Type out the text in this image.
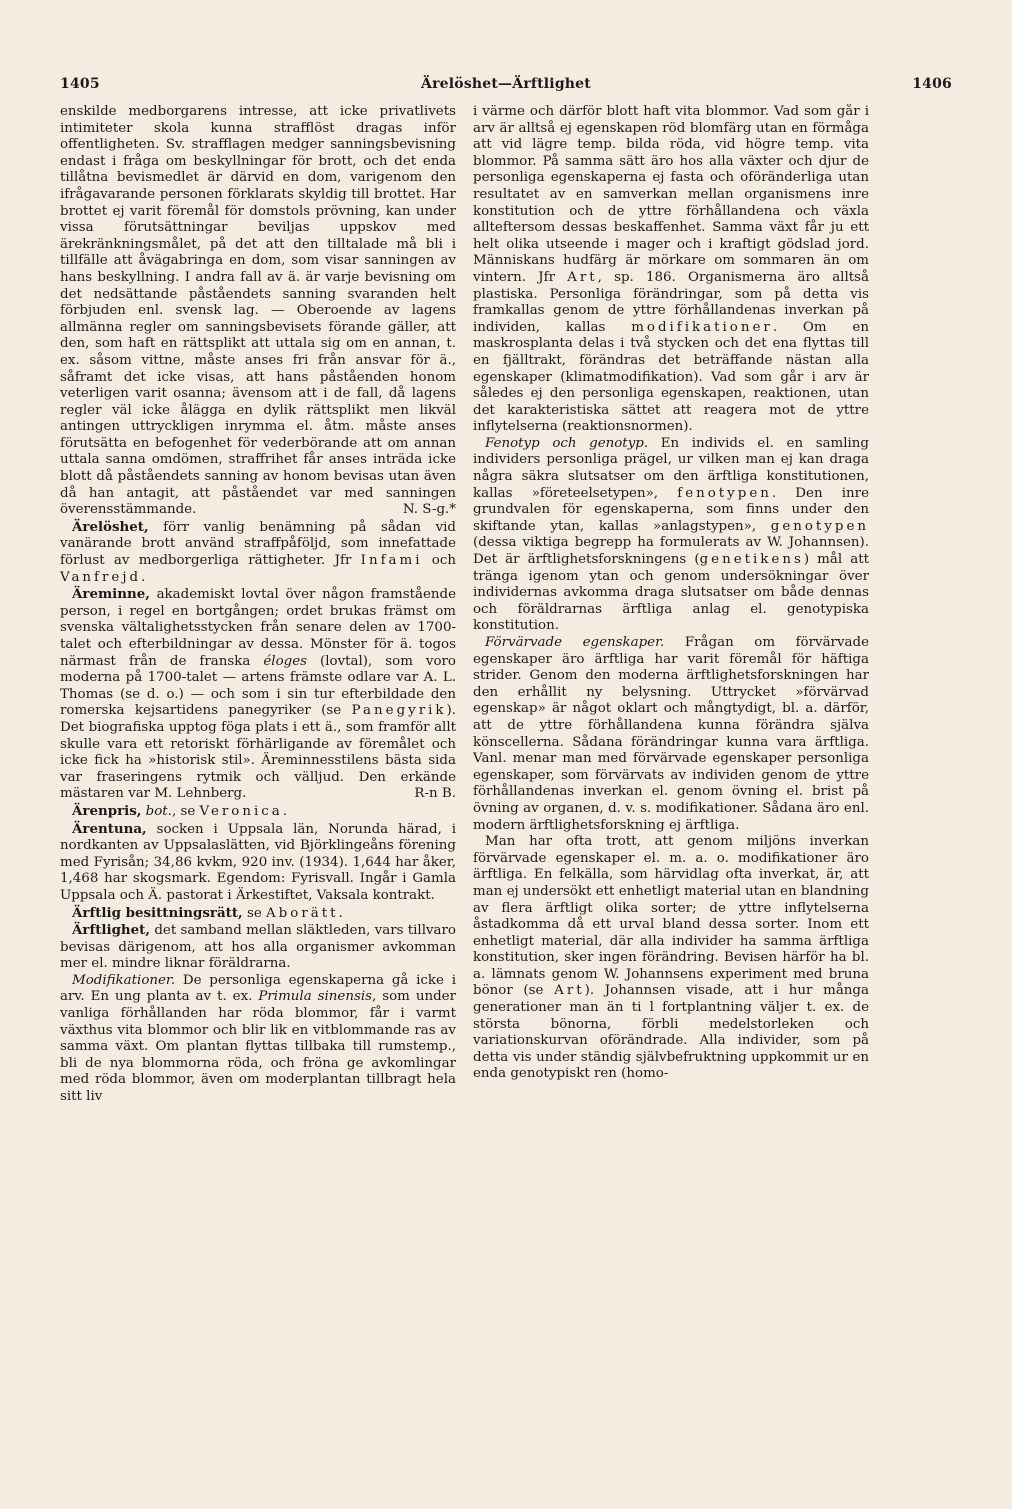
1405	Ärelöshet—Ärftlighet	1406

enskilde medborgarens intresse, att icke privatlivets intimiteter skola kunna strafflöst dragas inför offentligheten. Sv. strafflagen medger sanningsbevisning endast i fråga om beskyllningar för brott, och det enda tillåtna bevismedlet är därvid en dom, varigenom den ifrågavarande personen förklarats skyldig till brottet. Har brottet ej varit föremål för domstols prövning, kan under vissa förutsättningar beviljas uppskov med ärekränkningsmålet, på det att den tilltalade må bli i tillfälle att åvägabringa en dom, som visar sanningen av hans beskyllning. I andra fall av ä. är varje bevisning om det nedsättande påståendets sanning svaranden helt förbjuden enl. svensk lag. — Oberoende av lagens allmänna regler om sanningsbevisets förande gäller, att den, som haft en rättsplikt att uttala sig om en annan, t. ex. såsom vittne, måste anses fri från ansvar för ä., såframt det icke visas, att hans påståenden honom veterligen varit osanna; ävensom att i de fall, då lagens regler väl icke ålägga en dylik rättsplikt men likväl antingen uttryckligen inrymma el. åtm. måste anses förutsätta en befogenhet för vederbörande att om annan uttala sanna omdömen, straffrihet får anses inträda icke blott då påståendets sanning av honom bevisas utan även då han antagit, att påståendet var med sanningen överensstämmande.	N. S-g.*

Ärelöshet, förr vanlig benämning på sådan vid vanärande brott använd straffpåföljd, som innefattade förlust av medborgerliga rättigheter. Jfr Infami och Vanfrejd.

Äreminne, akademiskt lovtal över någon framstående person, i regel en bortgången; ordet brukas främst om svenska vältalighetsstycken från senare delen av 1700-talet och efterbildningar av dessa. Mönster för ä. togos närmast från de franska éloges (lovtal), som voro moderna på 1700-talet — artens främste odlare var A. L. Thomas (se d. o.) — och som i sin tur efterbildade den romerska kejsartidens panegyriker (se Panegyrik). Det biografiska upptog föga plats i ett ä., som framför allt skulle vara ett retoriskt förhärligande av föremålet och icke fick ha »historisk stil». Äreminnesstilens bästa sida var fraseringens rytmik och välljud. Den erkände mästaren var M. Lehnberg.	R-n B.

Ärenpris, bot., se Veronica.

Ärentuna, socken i Uppsala län, Norunda härad, i nordkanten av Uppsalaslätten, vid Björklingeåns förening med Fyrisån; 34,86 kvkm, 920 inv. (1934). 1,644 har åker, 1,468 har skogsmark. Egendom: Fyrisvall. Ingår i Gamla Uppsala och Ä. pastorat i Ärkestiftet, Vaksala kontrakt.

Ärftlig besittningsrätt, se Aborätt.

Ärftlighet, det samband mellan släktleden, vars tillvaro bevisas därigenom, att hos alla organismer avkomman mer el. mindre liknar föräldrarna.

Modifikationer. De personliga egenskaperna gå icke i arv. En ung planta av t. ex. Primula sinensis, som under vanliga förhållanden har röda blommor, får i varmt växthus vita blommor och blir lik en vitblommande ras av samma växt. Om plantan flyttas tillbaka till rumstemp., bli de nya blommorna röda, och fröna ge avkomlingar med röda blommor, även om moderplantan tillbragt hela sitt liv

i värme och därför blott haft vita blommor. Vad som går i arv är alltså ej egenskapen röd blomfärg utan en förmåga att vid lägre temp. bilda röda, vid högre temp. vita blommor. På samma sätt äro hos alla växter och djur de personliga egenskaperna ej fasta och oföränderliga utan resultatet av en samverkan mellan organismens inre konstitution och de yttre förhållandena och växla allteftersom dessas beskaffenhet. Samma växt får ju ett helt olika utseende i mager och i kraftigt gödslad jord. Människans hudfärg är mörkare om sommaren än om vintern. Jfr Art, sp. 186. Organismerna äro alltså plastiska. Personliga förändringar, som på detta vis framkallas genom de yttre förhållandenas inverkan på individen, kallas modifikationer. Om en maskrosplanta delas i två stycken och det ena flyttas till en fjälltrakt, förändras det beträffande nästan alla egenskaper (klimatmodifikation). Vad som går i arv är således ej den personliga egenskapen, reaktionen, utan det karakteristiska sättet att reagera mot de yttre inflytelserna (reaktionsnormen).

Fenotyp och genotyp. En individs el. en samling individers personliga prägel, ur vilken man ej kan draga några säkra slutsatser om den ärftliga konstitutionen, kallas »företeelsetypen», fenotypen. Den inre grundvalen för egenskaperna, som finns under den skiftande ytan, kallas »anlagstypen», genotypen (dessa viktiga begrepp ha formulerats av W. Johannsen). Det är ärftlighetsforskningens (genetikens) mål att tränga igenom ytan och genom undersökningar över individernas avkomma draga slutsatser om både dennas och föräldrarnas ärftliga anlag el. genotypiska konstitution.

Förvärvade egenskaper. Frågan om förvärvade egenskaper äro ärftliga har varit föremål för häftiga strider. Genom den moderna ärftlighetsforskningen har den erhållit ny belysning. Uttrycket »förvärvad egenskap» är något oklart och mångtydigt, bl. a. därför, att de yttre förhållandena kunna förändra själva könscellerna. Sådana förändringar kunna vara ärftliga. Vanl. menar man med förvärvade egenskaper personliga egenskaper, som förvärvats av individen genom de yttre förhållandenas inverkan el. genom övning el. brist på övning av organen, d. v. s. modifikationer. Sådana äro enl. modern ärftlighetsforskning ej ärftliga.

Man har ofta trott, att genom miljöns inverkan förvärvade egenskaper el. m. a. o. modifikationer äro ärftliga. En felkälla, som härvidlag ofta inverkat, är, att man ej undersökt ett enhetligt material utan en blandning av flera ärftligt olika sorter; de yttre inflytelserna åstadkomma då ett urval bland dessa sorter. Inom ett enhetligt material, där alla individer ha samma ärftliga konstitution, sker ingen förändring. Bevisen härför ha bl. a. lämnats genom W. Johannsens experiment med bruna bönor (se Art). Johannsen visade, att i hur många generationer man än ti l fortplantning väljer t. ex. de största bönorna, förbli medelstorleken och variationskurvan oförändrade. Alla individer, som på detta vis under ständig självbefruktning uppkommit ur en enda genotypiskt ren (homo-
